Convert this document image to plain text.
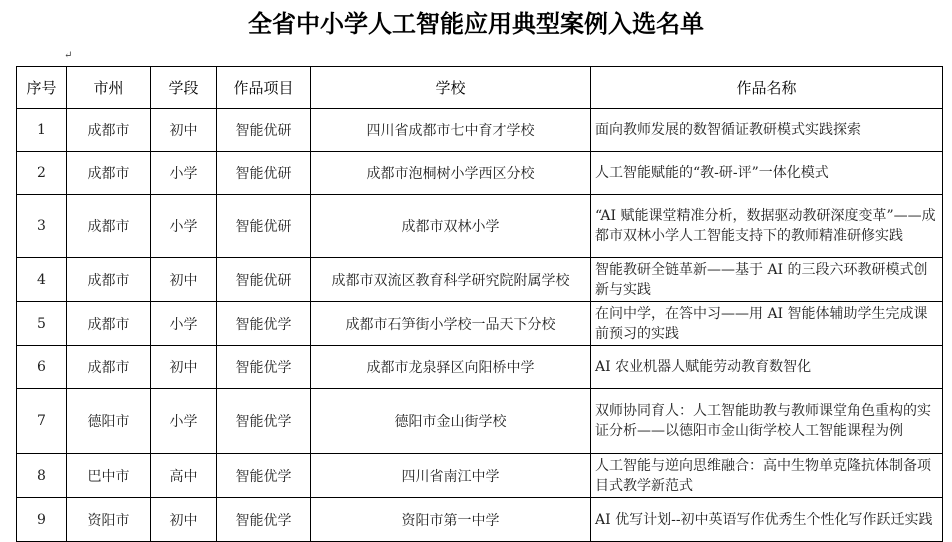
全省中小学人工智能应用典型案例入选名单
↵
序号	市州	学段	作品项目	学校	作品名称
1	成都市	初中	智能优研	四川省成都市七中育才学校	面向教师发展的数智循证教研模式实践探索
2	成都市	小学	智能优研	成都市泡桐树小学西区分校	人工智能赋能的“教-研-评”一体化模式
3	成都市	小学	智能优研	成都市双林小学	“AI 赋能课堂精准分析，数据驱动教研深度变革”——成都市双林小学人工智能支持下的教师精准研修实践
4	成都市	初中	智能优研	成都市双流区教育科学研究院附属学校	智能教研全链革新——基于 AI 的三段六环教研模式创新与实践
5	成都市	小学	智能优学	成都市石笋街小学校一品天下分校	在问中学，在答中习——用 AI 智能体辅助学生完成课前预习的实践
6	成都市	初中	智能优学	成都市龙泉驿区向阳桥中学	AI 农业机器人赋能劳动教育数智化
7	德阳市	小学	智能优学	德阳市金山街学校	双师协同育人：人工智能助教与教师课堂角色重构的实证分析——以德阳市金山街学校人工智能课程为例
8	巴中市	高中	智能优学	四川省南江中学	人工智能与逆向思维融合：高中生物单克隆抗体制备项目式教学新范式
9	资阳市	初中	智能优学	资阳市第一中学	AI 优写计划--初中英语写作优秀生个性化写作跃迁实践
